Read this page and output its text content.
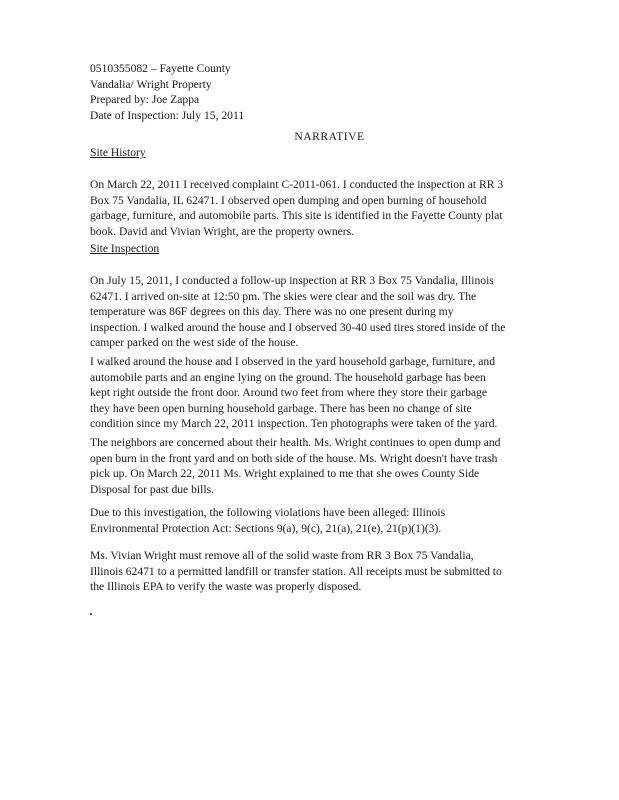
0510355082 – Fayette County
Vandalia/ Wright Property
Prepared by: Joe Zappa
Date of Inspection: July 15, 2011
NARRATIVE
Site History
On March 22, 2011 I received complaint C-2011-061. I conducted the inspection at RR 3
Box 75 Vandalia, IL 62471. I observed open dumping and open burning of household
garbage, furniture, and automobile parts. This site is identified in the Fayette County plat
book. David and Vivian Wright, are the property owners.
Site Inspection
On July 15, 2011, I conducted a follow-up inspection at RR 3 Box 75 Vandalia, Illinois
62471. I arrived on-site at 12:50 pm. The skies were clear and the soil was dry. The
temperature was 86F degrees on this day. There was no one present during my
inspection. I walked around the house and I observed 30-40 used tires stored inside of the
camper parked on the west side of the house.
I walked around the house and I observed in the yard household garbage, furniture, and
automobile parts and an engine lying on the ground. The household garbage has been
kept right outside the front door. Around two feet from where they store their garbage
they have been open burning household garbage. There has been no change of site
condition since my March 22, 2011 inspection. Ten photographs were taken of the yard.
The neighbors are concerned about their health. Ms. Wright continues to open dump and
open burn in the front yard and on both side of the house. Ms. Wright doesn't have trash
pick up. On March 22, 2011 Ms. Wright explained to me that she owes County Side
Disposal for past due bills.
Due to this investigation, the following violations have been alleged: Illinois
Environmental Protection Act: Sections 9(a), 9(c), 21(a), 21(e), 21(p)(1)(3).
Ms. Vivian Wright must remove all of the solid waste from RR 3 Box 75 Vandalia,
Illinois 62471 to a permitted landfill or transfer station. All receipts must be submitted to
the Illinois EPA to verify the waste was properly disposed.
